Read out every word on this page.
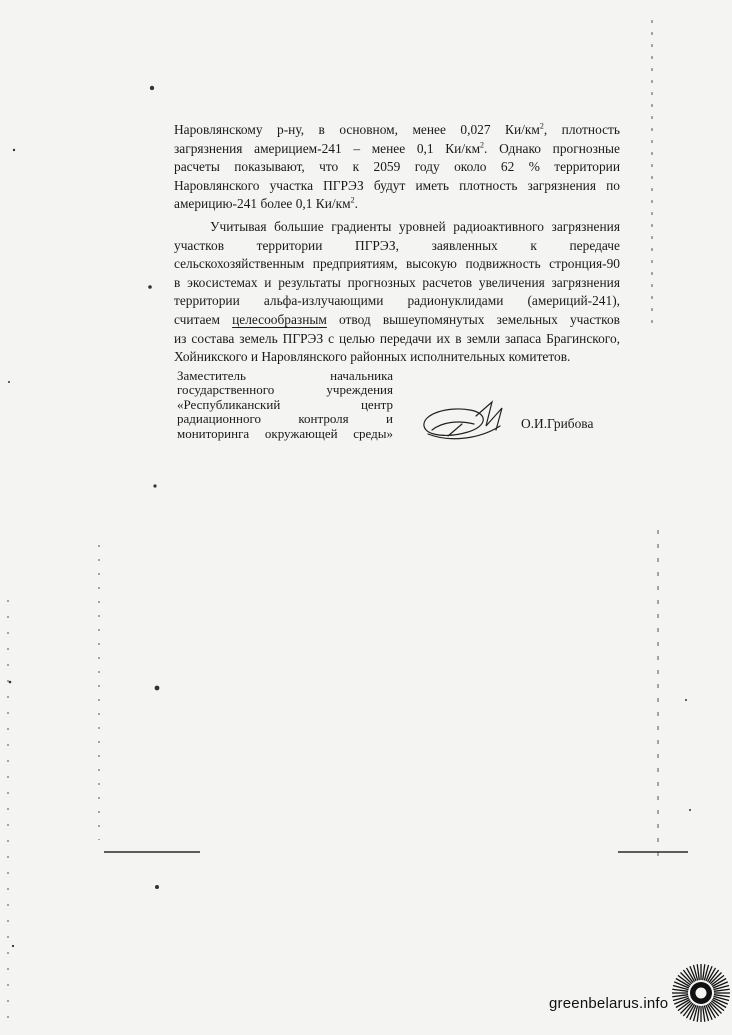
Наровлянскому р-ну, в основном, менее 0,027 $Ки/км^2$, плотность
загрязнения америцием-241 – менее 0,1 $Ки/км^2$. Однако прогнозные
расчеты показывают, что к 2059 году около 62 % территории
Наровлянского участка ПГРЭЗ будут иметь плотность загрязнения по
америцию-241 более 0,1 $Ки/км^2$.

Учитывая большие градиенты уровней радиоактивного загрязнения
участков территории ПГРЭЗ, заявленных к передаче
сельскохозяйственным предприятиям, высокую подвижность стронция-90
в экосистемах и результаты прогнозных расчетов увеличения загрязнения
территории альфа-излучающими радионуклидами (америций-241),
считаем целесообразным отвод вышеупомянутых земельных участков
из состава земель ПГРЭЗ с целью передачи их в земли запаса Брагинского,
Хойникского и Наровлянского районных исполнительных комитетов.

Заместитель начальника
государственного учреждения
«Республиканский центр
радиационного контроля и
мониторинга окружающей среды»
О.И.Грибова
greenbelarus.info
